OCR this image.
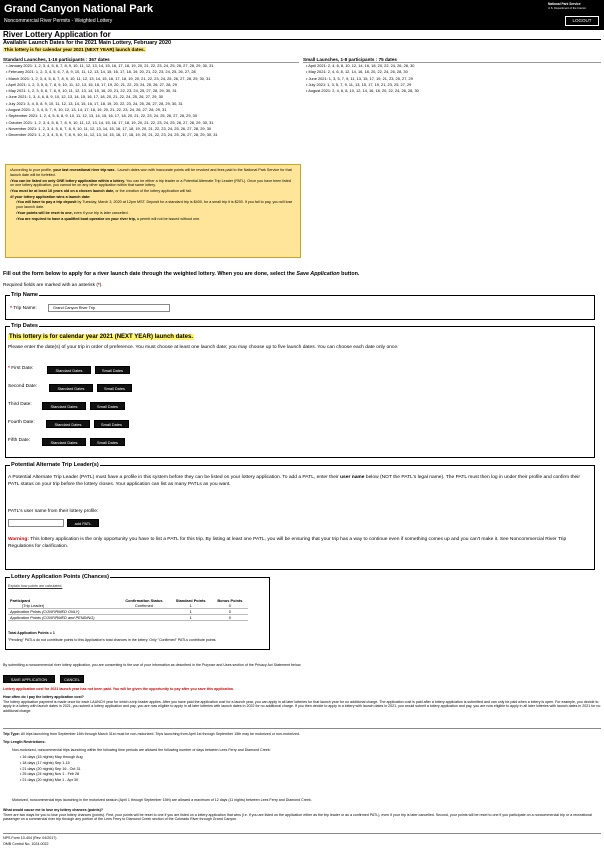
Grand Canyon National Park
Noncommercial River Permits - Weighted Lottery
National Park Service
U.S. Department of the Interior
LOGOUT
River Lottery Application for
Available Launch Dates for the 2021 Main Lottery, February 2020
This lottery is for calendar year 2021 (NEXT YEAR) launch dates.
Standard Launches, 1-16 participants : 367 dates
• January 2021: 1, 2, 3, 4, 5, 6, 7, 8, 9, 10, 11, 12, 13, 14, 15, 16, 17, 18, 19, 20, 21, 22, 23, 24, 25, 26, 27, 28, 29, 30, 31
• February 2021: 1, 2, 3, 4, 5, 6, 7, 8, 9, 10, 11, 12, 13, 14, 15, 16, 17, 18, 19, 20, 21, 22, 23, 24, 25, 26, 27, 28
• March 2021: 1, 2, 3, 4, 5, 6, 7, 8, 9, 10, 11, 12, 13, 14, 15, 16, 17, 18, 19, 20, 21, 22, 23, 24, 25, 26, 27, 28, 29, 30, 31
• April 2021: 1, 2, 3, 5, 6, 7, 8, 9, 10, 11, 12, 13, 15, 16, 17, 19, 20, 21, 22, 23, 24, 25, 26, 27, 28, 29
• May 2021: 1, 2, 3, 5, 6, 7, 8, 9, 10, 11, 12, 13, 14, 15, 16, 20, 21, 22, 23, 24, 25, 27, 28, 29, 30, 31
• June 2021: 1, 3, 4, 6, 8, 9, 10, 12, 13, 14, 15, 16, 17, 18, 20, 21, 22, 24, 25, 26, 27, 29, 30
• July 2021: 3, 4, 5, 8, 9, 10, 11, 12, 13, 14, 15, 16, 17, 18, 19, 20, 22, 23, 24, 25, 26, 27, 28, 29, 30, 31
• August 2021: 2, 3, 4, 5, 7, 9, 10, 12, 13, 14, 17, 18, 19, 20, 21, 22, 23, 24, 26, 27, 28, 29, 31
• September 2021: 1, 2, 4, 5, 6, 8, 9, 10, 11, 12, 13, 14, 15, 16, 17, 18, 20, 21, 22, 23, 24, 25, 26, 27, 28, 29, 30
• October 2021: 1, 2, 3, 4, 5, 6, 7, 8, 9, 10, 11, 12, 13, 14, 15, 16, 17, 18, 19, 20, 21, 22, 23, 24, 25, 26, 27, 28, 29, 30, 31
• November 2021: 1, 2, 3, 4, 5, 6, 7, 8, 9, 10, 11, 12, 13, 14, 15, 16, 17, 18, 19, 20, 21, 22, 23, 24, 25, 26, 27, 28, 29, 30
• December 2021: 1, 2, 3, 4, 5, 6, 7, 8, 9, 10, 11, 12, 13, 14, 15, 16, 17, 18, 19, 20, 21, 22, 23, 24, 25, 26, 27, 28, 29, 30, 31
Small Launches, 1-8 participants : 75 dates
• April 2021: 2, 4, 6, 8, 10, 12, 14, 16, 18, 20, 22, 24, 26, 28, 30
• May 2021: 2, 4, 6, 8, 12, 14, 16, 18, 20, 22, 24, 26, 28, 30
• June 2021: 1, 3, 5, 7, 9, 11, 13, 15, 17, 19, 21, 23, 25, 27, 29
• July 2021: 1, 3, 5, 7, 9, 11, 13, 15, 17, 19, 21, 23, 25, 27, 29
• August 2021: 2, 4, 6, 8, 10, 12, 14, 16, 18, 20, 22, 24, 26, 28, 30
• According to your profile, your last recreational river trip was . Launch dates won with inaccurate points will be revoked and fees paid to the National Park Service for that launch date will be forfeited.
• You can be listed on only ONE lottery application within a lottery. You can be either a trip leader or a Potential Alternate Trip Leader (PATL). Once you have been listed on one lottery application, you cannot be on any other application within that same lottery.
• You must be at least 18 years old on a chosen launch date, or the creation of the lottery application will fail.
• If your lottery application wins a launch date:
• You will have to pay a trip deposit by Tuesday, March 3, 2020 at 12pm MST. Deposit for a standard trip is $400, for a small trip it is $200. If you fail to pay, you will lose your launch date.
• Your points will be reset to one, even if your trip is later cancelled.
• You are required to have a qualified boat operator on your river trip, a permit will not be issued without one.
Fill out the form below to apply for a river launch date through the weighted lottery. When you are done, select the Save Application button.
Required fields are marked with an asterisk (*).
Trip Name
* Trip Name:	Grand Canyon River Trip
Trip Dates
This lottery is for calendar year 2021 (NEXT YEAR) launch dates.
Please enter the date(s) of your trip in order of preference. You must choose at least one launch date; you may choose up to five launch dates. You can choose each date only once.
* First Date:	Standard Dates	Small Dates
Second Date:	Standard Dates	Small Dates
Third Date:	Standard Dates	Small Dates
Fourth Date:	Standard Dates	Small Dates
Fifth Date:	Standard Dates	Small Dates
Potential Alternate Trip Leader(s)
A Potential Alternate Trip Leader (PATL) must have a profile in this system before they can be listed on your lottery application. To add a PATL, enter their user name below (NOT the PATL's legal name). The PATL must then log in under their profile and confirm their PATL status on your trip before the lottery closes. Your application can list as many PATLs as you want.
PATL's user name from their lottery profile:
add PATL
Warning: This lottery application is the only opportunity you have to list a PATL for this trip. By listing at least one PATL, you will be ensuring that your trip has a way to continue even if something comes up and you can't make it. See Noncommercial River Trip Regulations for clarification.
Lottery Application Points (Chances)
Explain how points are calculated.
Participant	Confirmation Status	Standard Points	Bonus Points
(Trip Leader)	Confirmed	1	0
Application Points (CONFIRMED ONLY)		1	0
Application Points (CONFIRMED and PENDING)		1	0
Total Application Points = 1
"Pending" PATLs do not contribute points to this Application's total chances in the lottery. Only "Confirmed" PATLs contribute points.
By submitting a noncommercial river lottery application, you are consenting to the use of your information as described in the Purpose and Uses section of the Privacy Act Statement below.
SAVE APPLICATION	CANCEL
Lottery application cost for 2021 launch year has not been paid. You will be given the opportunity to pay after you save this application.
How often do I pay the lottery application cost?
The lottery application payment is made once for each LAUNCH year for which a trip leader applies. After you have paid the application cost for a launch year, you can apply in all later lotteries for that launch year for no additional charge. The application cost is paid after a lottery application is submitted and can only be paid when a lottery is open. For example, you decide to apply in a lottery with launch dates in 2021, you submit a lottery application and pay, you are now eligible to apply in all later lotteries with launch dates in 2022 for no additional charge. If you then decide to apply in a lottery with launch dates in 2021, you would submit a lottery application and pay, you are now eligible to apply in all later lotteries with launch dates in 2021 for no additional charge.
Trip Type: All trips launching from September 16th through March 31st must be non-motorized. Trips launching from April 1st through September 15th may be motorized or non-motorized.
Trip Length Restrictions:
Non-motorized, noncommercial trips launching within the following time periods are allowed the following number of days between Lees Ferry and Diamond Creek:
• 16 days (15 nights) May through Aug
• 18 days (17 nights) Sep 1-15
• 21 days (20 nights) Sep 16 - Oct 31
• 25 days (24 nights) Nov 1 - Feb 28
• 21 days (20 nights) Mar 1 - Apr 30
Motorized, noncommercial trips launching in the motorized season (April 1 through September 15th) are allowed a maximum of 12 days (11 nights) between Lees Ferry and Diamond Creek.
What would cause me to lose my lottery chances (points)?
There are two ways for you to lose your lottery chances (points). First, your points will be reset to one if you are listed on a lottery application that wins (i.e. if you are listed on the application either as the trip leader or as a confirmed PATL), even if your trip is later cancelled. Second, your points will be reset to one if you participate on a noncommercial trip or a recreational passenger on a commercial river trip through any portion of the Lees Ferry to Diamond Creek section of the Colorado River through Grand Canyon.
NPS Form 10-404 (Rev. 04/2017)
OMB Control No. 1024-0022
